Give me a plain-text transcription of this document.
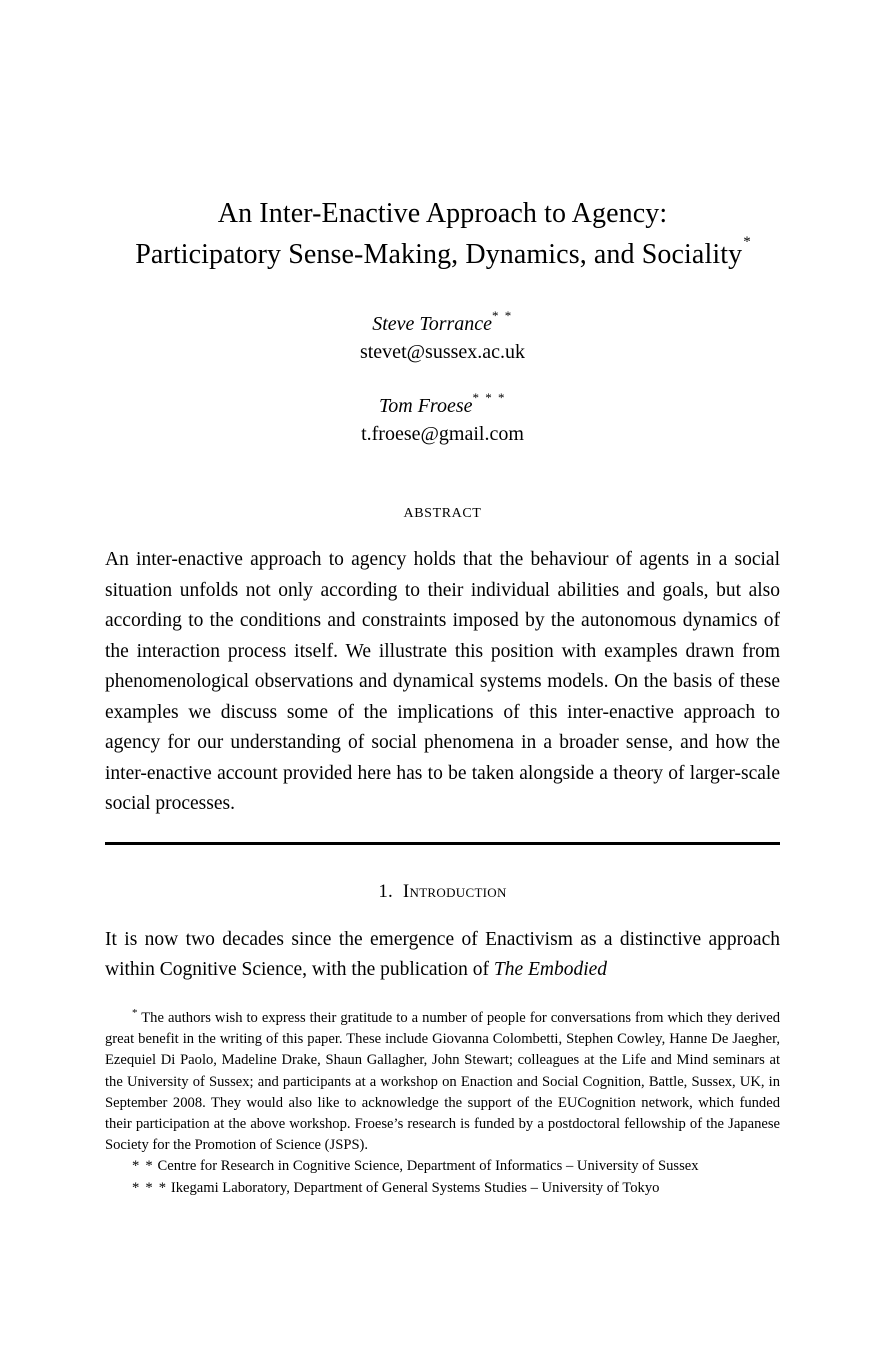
An Inter-Enactive Approach to Agency:
Participatory Sense-Making, Dynamics, and Sociality*
Steve Torrance* *
stevet@sussex.ac.uk
Tom Froese* * *
t.froese@gmail.com
ABSTRACT
An inter-enactive approach to agency holds that the behaviour of agents in a social situation unfolds not only according to their individual abilities and goals, but also according to the conditions and constraints imposed by the autonomous dynamics of the interaction process itself. We illustrate this position with examples drawn from phenomenological observations and dynamical systems models. On the basis of these examples we discuss some of the implications of this inter-enactive approach to agency for our understanding of social phenomena in a broader sense, and how the inter-enactive account provided here has to be taken alongside a theory of larger-scale social processes.
1. Introduction
It is now two decades since the emergence of Enactivism as a distinctive approach within Cognitive Science, with the publication of The Embodied
* The authors wish to express their gratitude to a number of people for conversations from which they derived great benefit in the writing of this paper. These include Giovanna Colombetti, Stephen Cowley, Hanne De Jaegher, Ezequiel Di Paolo, Madeline Drake, Shaun Gallagher, John Stewart; colleagues at the Life and Mind seminars at the University of Sussex; and participants at a workshop on Enaction and Social Cognition, Battle, Sussex, UK, in September 2008. They would also like to acknowledge the support of the EUCognition network, which funded their participation at the above workshop. Froese’s research is funded by a postdoctoral fellowship of the Japanese Society for the Promotion of Science (JSPS).
* * Centre for Research in Cognitive Science, Department of Informatics – University of Sussex
* * * Ikegami Laboratory, Department of General Systems Studies – University of Tokyo
